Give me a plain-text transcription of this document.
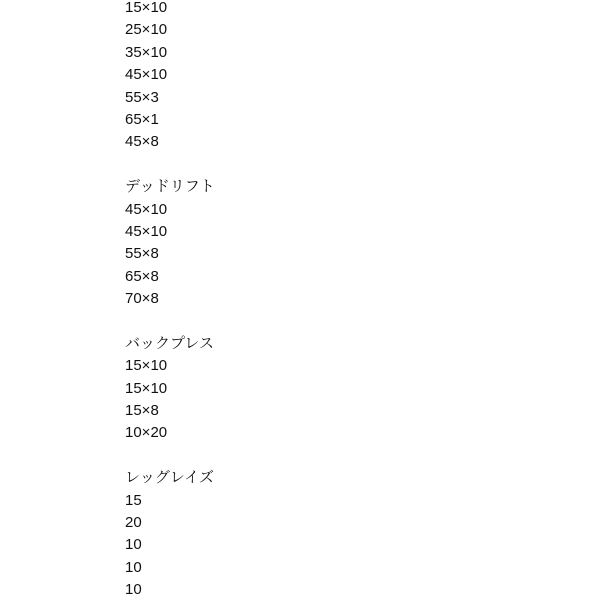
15×10
25×10
35×10
45×10
55×3
65×1
45×8
デッドリフト
45×10
45×10
55×8
65×8
70×8
バックプレス
15×10
15×10
15×8
10×20
レッグレイズ
15
20
10
10
10
